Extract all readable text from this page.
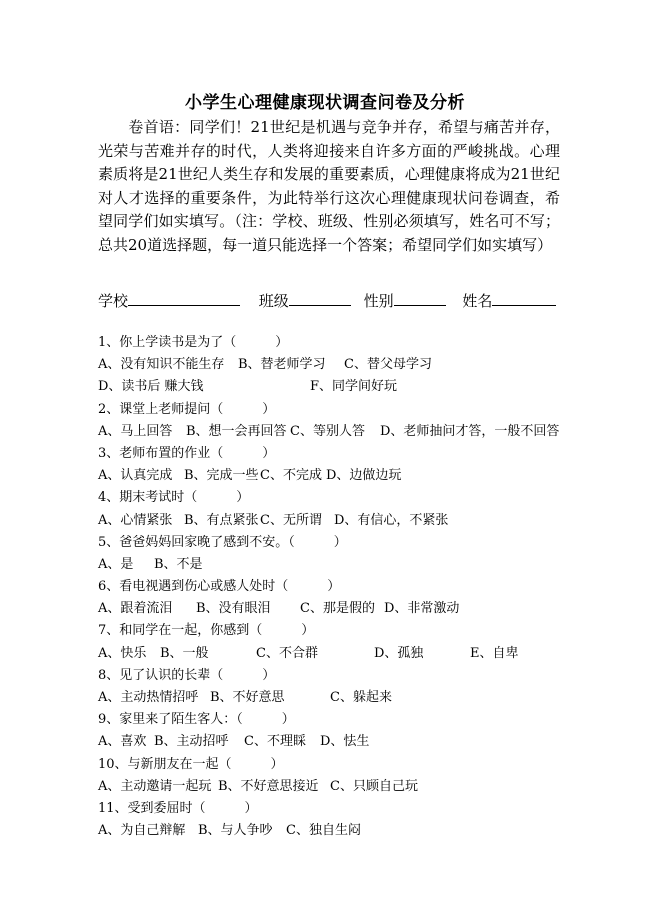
小学生心理健康现状调查问卷及分析
卷首语：同学们！21世纪是机遇与竞争并存，希望与痛苦并存，光荣与苦难并存的时代，人类将迎接来自许多方面的严峻挑战。心理素质将是21世纪人类生存和发展的重要素质，心理健康将成为21世纪对人才选择的重要条件，为此特举行这次心理健康现状问卷调查，希望同学们如实填写。（注：学校、班级、性别必须填写，姓名可不写；总共20道选择题，每一道只能选择一个答案；希望同学们如实填写）
学校	班级	性别	姓名
1、你上学读书是为了（　　　）
A、没有知识不能生存 B、替老师学习 C、替父母学习
D、读书后 赚大钱	F、同学间好玩
2、课堂上老师提问（　　　）
A、马上回答 B、想一会再回答 C、等别人答 D、老师抽问才答，一般不回答
3、老师布置的作业（　　　）
A、认真完成 B、完成一些 C、不完成 D、边做边玩
4、期末考试时（　　　）
A、心情紧张 B、有点紧张 C、无所谓 D、有信心，不紧张
5、爸爸妈妈回家晚了感到不安。（　　　）
A、是 B、不是
6、看电视遇到伤心或感人处时（　　　）
A、跟着流泪 B、没有眼泪 C、那是假的 D、非常激动
7、和同学在一起，你感到（　　　）
A、快乐 B、一般	C、不合群	D、孤独	E、自卑
8、见了认识的长辈（　　　）
A、主动热情招呼 B、不好意思	C、躲起来
9、家里来了陌生客人：（　　　）
A、喜欢 B、主动招呼 C、不理睬 D、怯生
10、与新朋友在一起（　　　）
A、主动邀请一起玩 B、不好意思接近 C、只顾自己玩
11、受到委屈时（　　　）
A、为自己辩解 B、与人争吵 C、独自生闷
